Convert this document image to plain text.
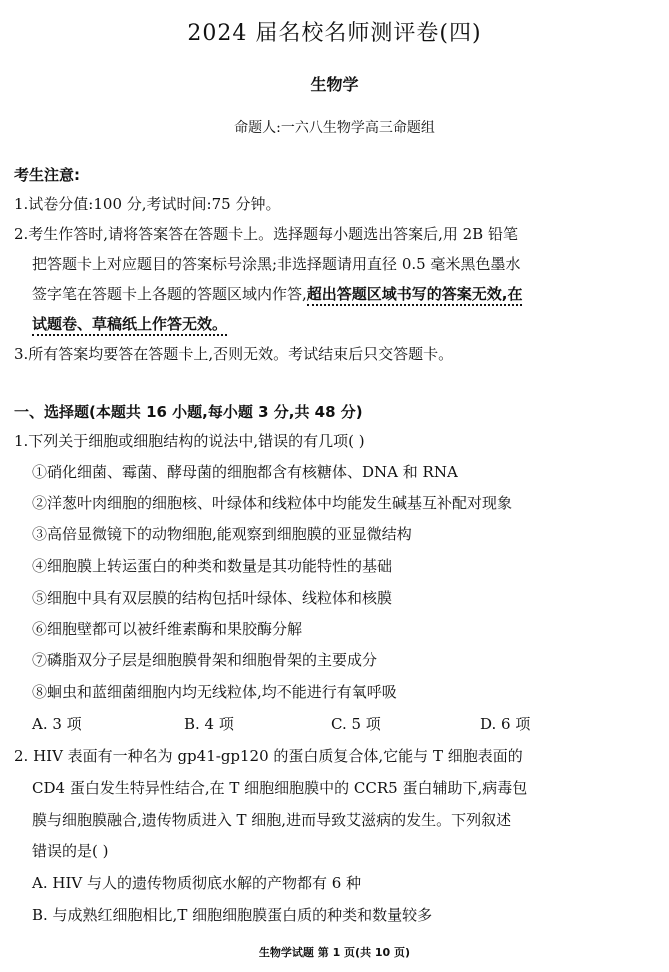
2024 届名校名师测评卷(四)
生物学
命题人:一六八生物学高三命题组
考生注意:
1.试卷分值:100 分,考试时间:75 分钟。
2.考生作答时,请将答案答在答题卡上。选择题每小题选出答案后,用 2B 铅笔
把答题卡上对应题目的答案标号涂黑;非选择题请用直径 0.5 毫米黑色墨水
签字笔在答题卡上各题的答题区域内作答,超出答题区域书写的答案无效,在
试题卷、草稿纸上作答无效。
3.所有答案均要答在答题卡上,否则无效。考试结束后只交答题卡。
一、选择题(本题共 16 小题,每小题 3 分,共 48 分)
1.下列关于细胞或细胞结构的说法中,错误的有几项( )
①硝化细菌、霉菌、酵母菌的细胞都含有核糖体、DNA 和 RNA
②洋葱叶肉细胞的细胞核、叶绿体和线粒体中均能发生碱基互补配对现象
③高倍显微镜下的动物细胞,能观察到细胞膜的亚显微结构
④细胞膜上转运蛋白的种类和数量是其功能特性的基础
⑤细胞中具有双层膜的结构包括叶绿体、线粒体和核膜
⑥细胞壁都可以被纤维素酶和果胶酶分解
⑦磷脂双分子层是细胞膜骨架和细胞骨架的主要成分
⑧蛔虫和蓝细菌细胞内均无线粒体,均不能进行有氧呼吸
A. 3 项	B. 4 项	C. 5 项	D. 6 项
2. HIV 表面有一种名为 gp41-gp120 的蛋白质复合体,它能与 T 细胞表面的
CD4 蛋白发生特异性结合,在 T 细胞细胞膜中的 CCR5 蛋白辅助下,病毒包
膜与细胞膜融合,遗传物质进入 T 细胞,进而导致艾滋病的发生。下列叙述
错误的是( )
A. HIV 与人的遗传物质彻底水解的产物都有 6 种
B. 与成熟红细胞相比,T 细胞细胞膜蛋白质的种类和数量较多
生物学试题 第 1 页(共 10 页)
